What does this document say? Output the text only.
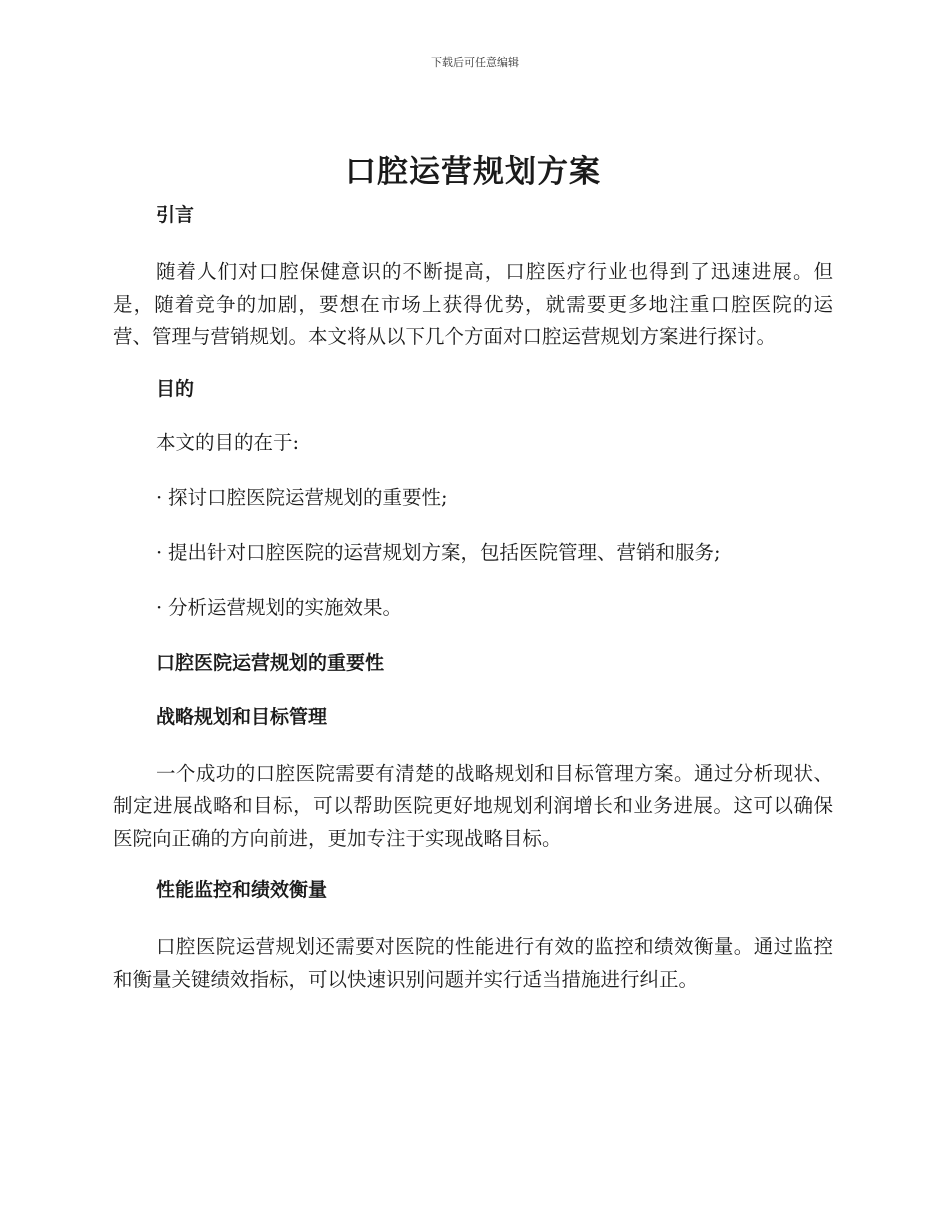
下载后可任意编辑
口腔运营规划方案
引言

随着人们对口腔保健意识的不断提高，口腔医疗行业也得到了迅速进展。但是，随着竞争的加剧，要想在市场上获得优势，就需要更多地注重口腔医院的运营、管理与营销规划。本文将从以下几个方面对口腔运营规划方案进行探讨。

目的
本文的目的在于:
· 探讨口腔医院运营规划的重要性;
· 提出针对口腔医院的运营规划方案，包括医院管理、营销和服务;
· 分析运营规划的实施效果。
口腔医院运营规划的重要性
战略规划和目标管理

一个成功的口腔医院需要有清楚的战略规划和目标管理方案。通过分析现状、制定进展战略和目标，可以帮助医院更好地规划利润增长和业务进展。这可以确保医院向正确的方向前进，更加专注于实现战略目标。

性能监控和绩效衡量

口腔医院运营规划还需要对医院的性能进行有效的监控和绩效衡量。通过监控和衡量关键绩效指标，可以快速识别问题并实行适当措施进行纠正。
